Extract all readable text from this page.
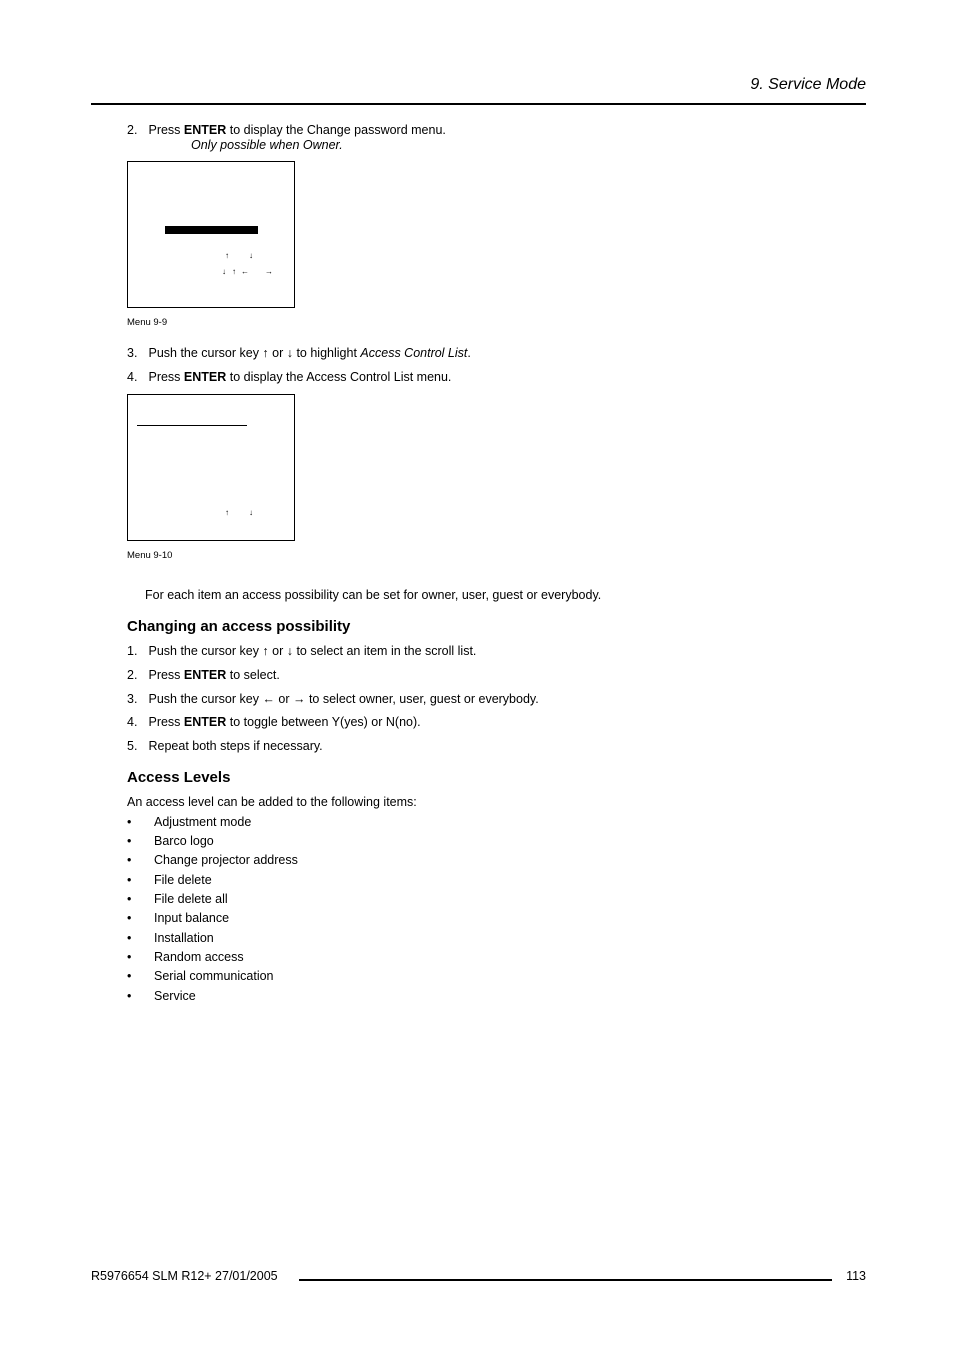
9. Service Mode
2. Press ENTER to display the Change password menu.
Only possible when Owner.
↑	↓
↓ ↑ ← →
Menu 9-9
3. Push the cursor key ↑ or ↓ to highlight Access Control List.
4. Press ENTER to display the Access Control List menu.
↑	↓
Menu 9-10
For each item an access possibility can be set for owner, user, guest or everybody.
Changing an access possibility
1. Push the cursor key ↑ or ↓ to select an item in the scroll list.
2. Press ENTER to select.
3. Push the cursor key ← or → to select owner, user, guest or everybody.
4. Press ENTER to toggle between Y(yes) or N(no).
5. Repeat both steps if necessary.
Access Levels
An access level can be added to the following items:
• Adjustment mode
• Barco logo
• Change projector address
• File delete
• File delete all
• Input balance
• Installation
• Random access
• Serial communication
• Service
R5976654 SLM R12+ 27/01/2005	113
